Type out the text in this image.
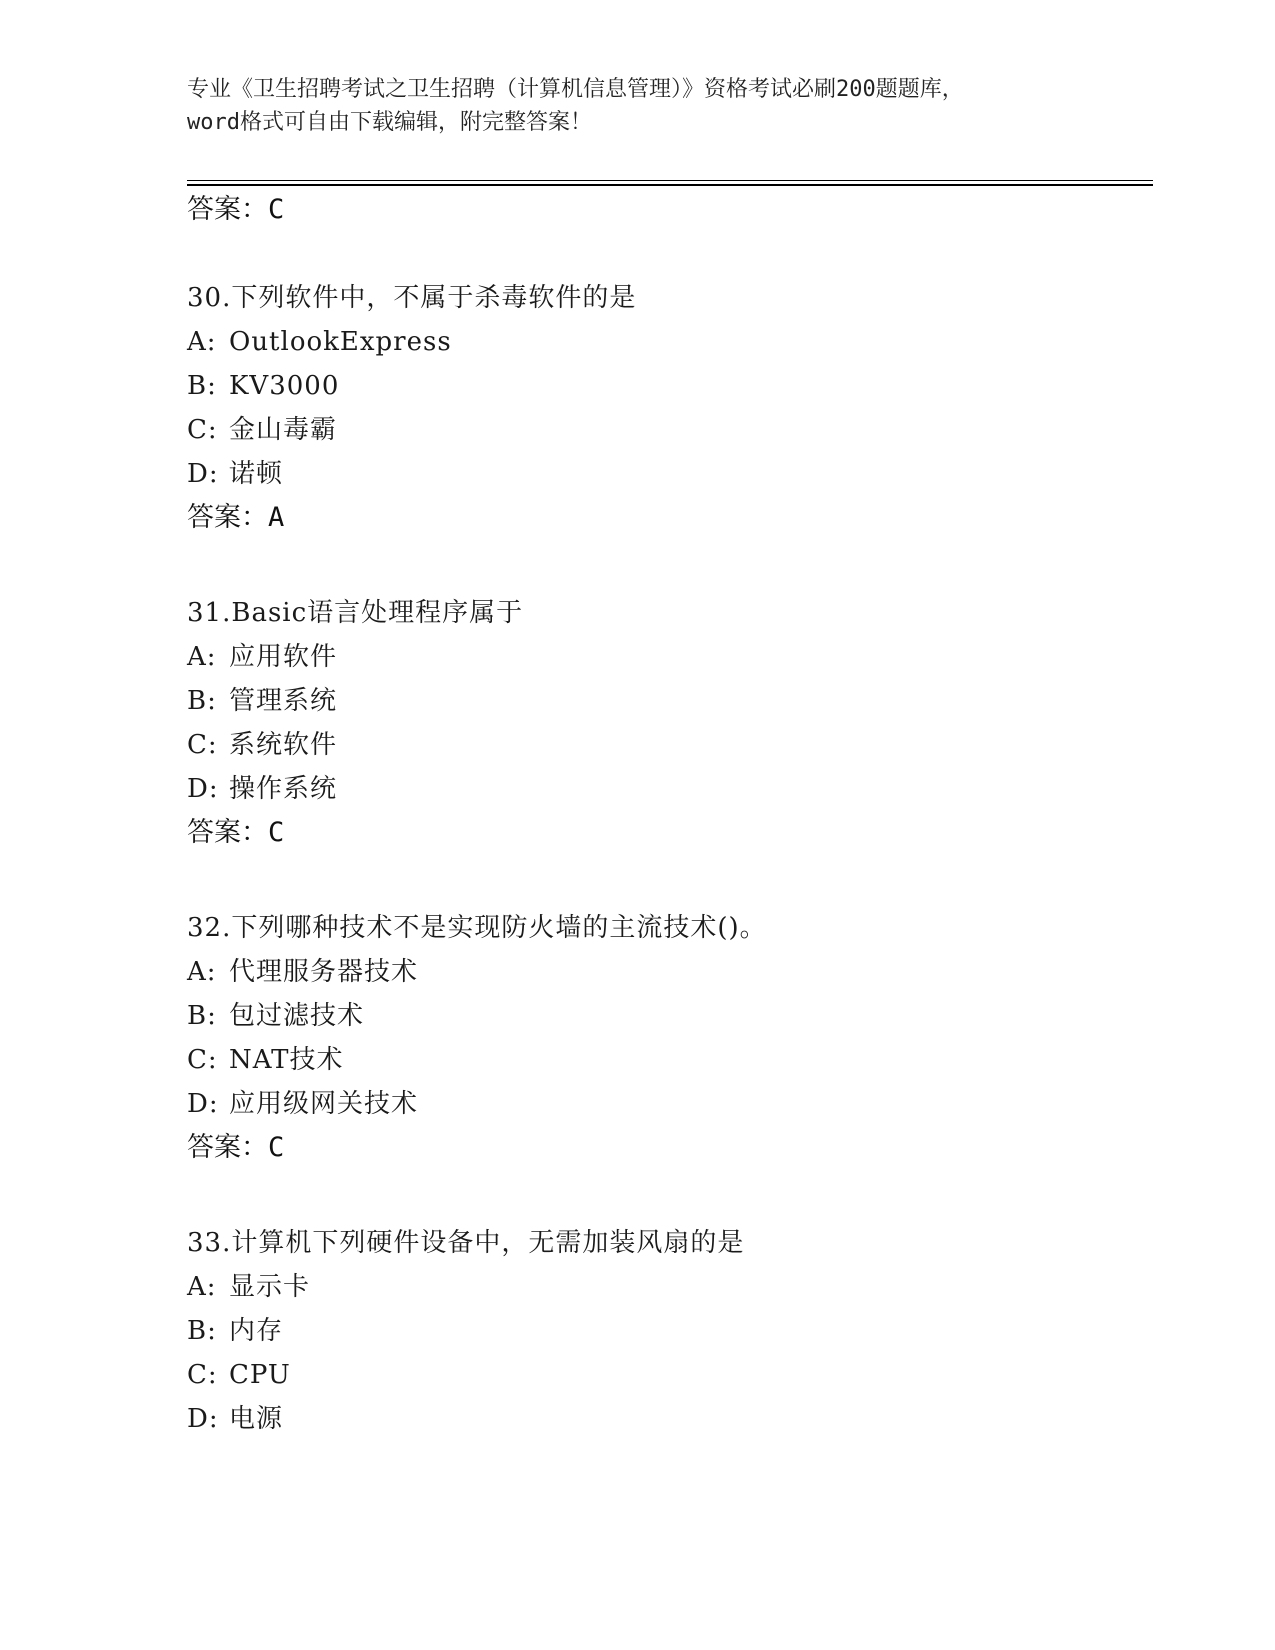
专业《卫生招聘考试之卫生招聘（计算机信息管理）》资格考试必刷200题题库，
word格式可自由下载编辑，附完整答案！
答案：C
30.下列软件中，不属于杀毒软件的是
A: OutlookExpress
B: KV3000
C: 金山毒霸
D: 诺顿
答案：A
31.Basic语言处理程序属于
A: 应用软件
B: 管理系统
C: 系统软件
D: 操作系统
答案：C
32.下列哪种技术不是实现防火墙的主流技术()。
A: 代理服务器技术
B: 包过滤技术
C: NAT技术
D: 应用级网关技术
答案：C
33.计算机下列硬件设备中，无需加装风扇的是
A: 显示卡
B: 内存
C: CPU
D: 电源
